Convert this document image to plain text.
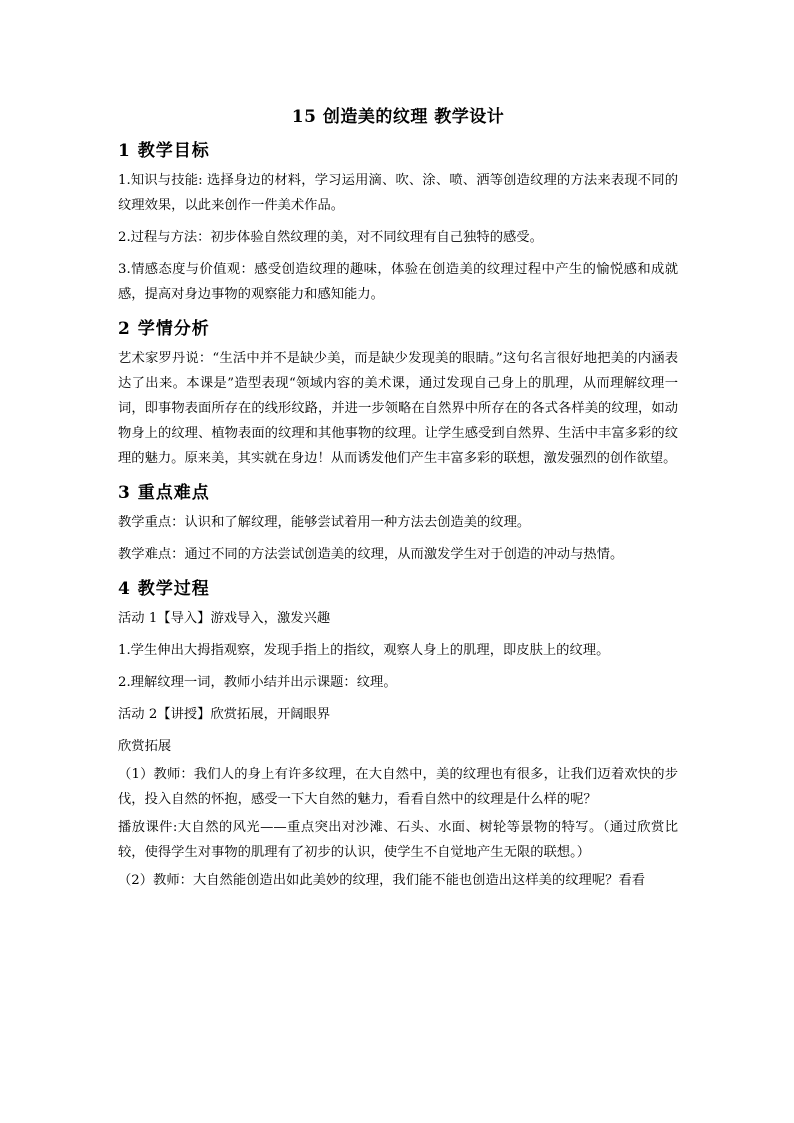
15 创造美的纹理 教学设计
1 教学目标

1.知识与技能: 选择身边的材料，学习运用滴、吹、涂、喷、洒等创造纹理的方法来表现不同的纹理效果，以此来创作一件美术作品。

2.过程与方法：初步体验自然纹理的美，对不同纹理有自己独特的感受。

3.情感态度与价值观：感受创造纹理的趣味，体验在创造美的纹理过程中产生的愉悦感和成就感，提高对身边事物的观察能力和感知能力。

2 学情分析

艺术家罗丹说：“生活中并不是缺少美，而是缺少发现美的眼睛。”这句名言很好地把美的内涵表达了出来。本课是”造型表现“领域内容的美术课，通过发现自己身上的肌理，从而理解纹理一词，即事物表面所存在的线形纹路，并进一步领略在自然界中所存在的各式各样美的纹理，如动物身上的纹理、植物表面的纹理和其他事物的纹理。让学生感受到自然界、生活中丰富多彩的纹理的魅力。原来美，其实就在身边！从而诱发他们产生丰富多彩的联想，激发强烈的创作欲望。

3 重点难点

教学重点：认识和了解纹理，能够尝试着用一种方法去创造美的纹理。

教学难点：通过不同的方法尝试创造美的纹理，从而激发学生对于创造的冲动与热情。

4 教学过程

活动 1【导入】游戏导入，激发兴趣

1.学生伸出大拇指观察，发现手指上的指纹，观察人身上的肌理，即皮肤上的纹理。

2.理解纹理一词，教师小结并出示课题：纹理。

活动 2【讲授】欣赏拓展，开阔眼界

欣赏拓展

（1）教师：我们人的身上有许多纹理，在大自然中，美的纹理也有很多，让我们迈着欢快的步伐，投入自然的怀抱，感受一下大自然的魅力，看看自然中的纹理是什么样的呢？

播放课件:大自然的风光——重点突出对沙滩、石头、水面、树轮等景物的特写。（通过欣赏比较，使得学生对事物的肌理有了初步的认识，使学生不自觉地产生无限的联想。）

（2）教师：大自然能创造出如此美妙的纹理，我们能不能也创造出这样美的纹理呢？看看
